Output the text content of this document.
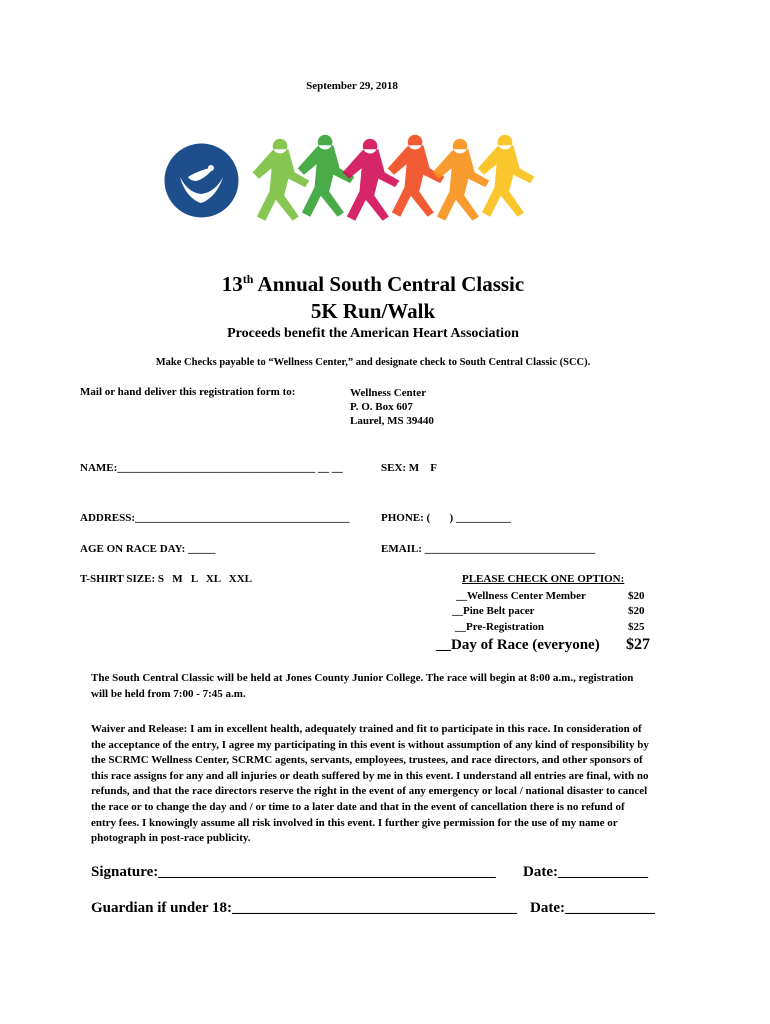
September 29, 2018
13th Annual South Central Classic
5K Run/Walk
Proceeds benefit the American Heart Association
Make Checks payable to “Wellness Center,” and designate check to South Central Classic (SCC).
Mail or hand deliver this registration form to:	Wellness Center
P. O. Box 607
Laurel, MS 39440
NAME:____________________________________ __ __	SEX: M    F
ADDRESS:_______________________________________	PHONE: (       ) __________
AGE ON RACE DAY: _____	EMAIL: _______________________________
T-SHIRT SIZE: S   M   L   XL   XXL	PLEASE CHECK ONE OPTION:
__Wellness Center Member	$20
__Pine Belt pacer	$20
__Pre-Registration	$25
__Day of Race (everyone) $27
The South Central Classic will be held at Jones County Junior College. The race will begin at 8:00 a.m., registration
will be held from 7:00 - 7:45 a.m.
Waiver and Release: I am in excellent health, adequately trained and fit to participate in this race. In consideration of
the acceptance of the entry, I agree my participating in this event is without assumption of any kind of responsibility by
the SCRMC Wellness Center, SCRMC agents, servants, employees, trustees, and race directors, and other sponsors of
this race assigns for any and all injuries or death suffered by me in this event. I understand all entries are final, with no
refunds, and that the race directors reserve the right in the event of any emergency or local / national disaster to cancel
the race or to change the day and / or time to a later date and that in the event of cancellation there is no refund of
entry fees. I knowingly assume all risk involved in this event. I further give permission for the use of my name or
photograph in post-race publicity.
Signature:_____________________________________________ Date:____________
Guardian if under 18:______________________________________ Date:____________
